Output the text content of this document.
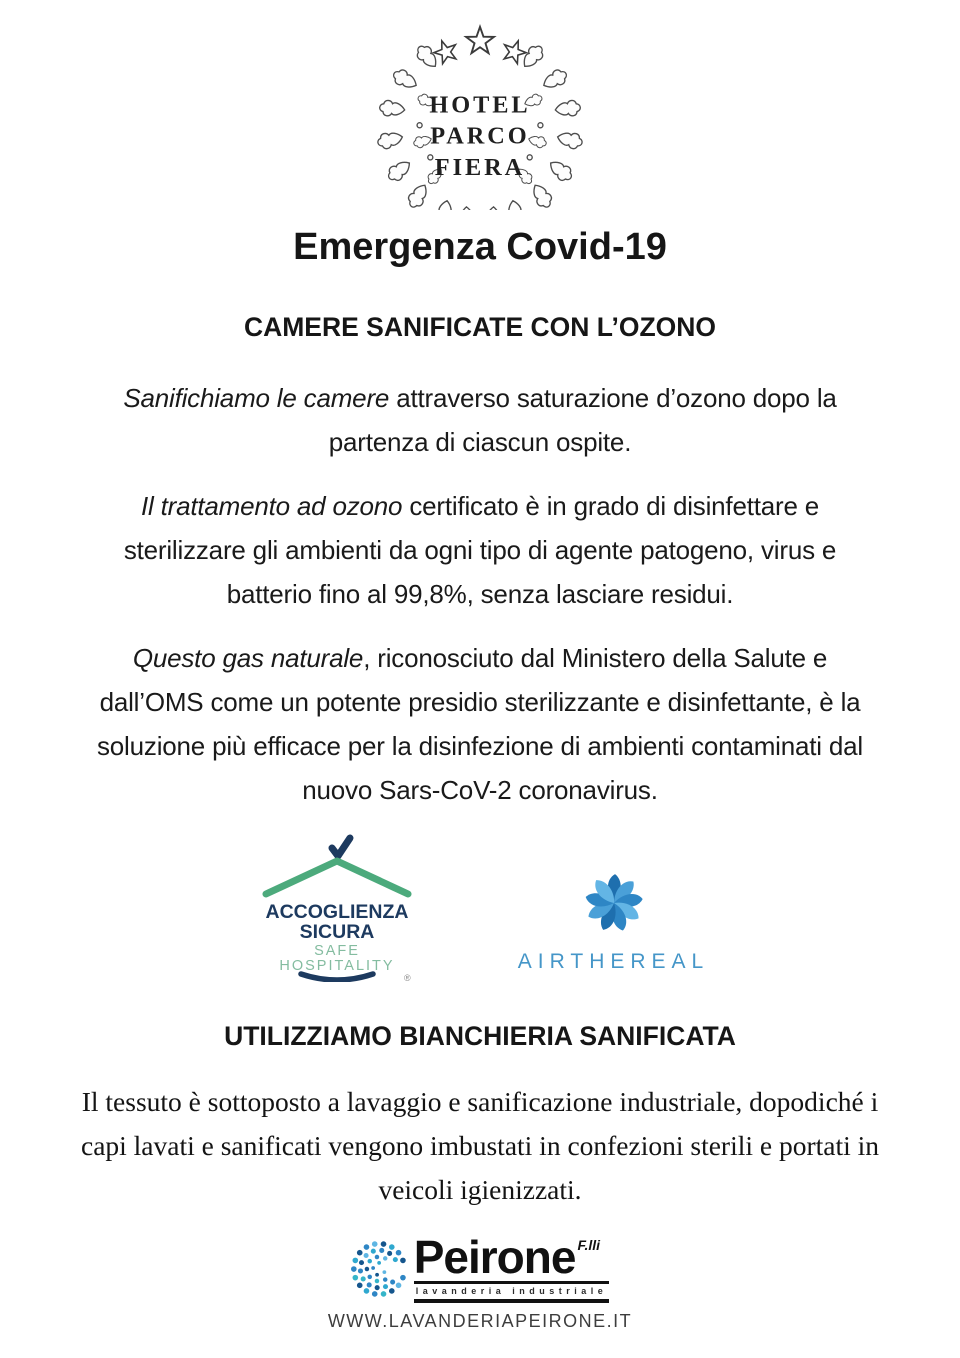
HOTEL
PARCO
FIERA
Emergenza Covid-19
CAMERE SANIFICATE CON L’OZONO

Sanifichiamo le camere attraverso saturazione d’ozono dopo la partenza di ciascun ospite.

Il trattamento ad ozono certificato è in grado di disinfettare e sterilizzare gli ambienti da ogni tipo di agente patogeno, virus e batterio fino al 99,8%, senza lasciare residui.

Questo gas naturale, riconosciuto dal Ministero della Salute e dall’OMS come un potente presidio sterilizzante e disinfettante, è la soluzione più efficace per la disinfezione di ambienti contaminati dal nuovo Sars-CoV-2 coronavirus.

ACCOGLIENZA
SICURA
SAFE
HOSPITALITY
®
AIRTHEREAL
UTILIZZIAMO BIANCHIERIA SANIFICATA

Il tessuto è sottoposto a lavaggio e sanificazione industriale, dopodiché i capi lavati e sanificati vengono imbustati in confezioni sterili e portati in veicoli igienizzati.

Peirone F.lli
lavanderia industriale
WWW.LAVANDERIAPEIRONE.IT
